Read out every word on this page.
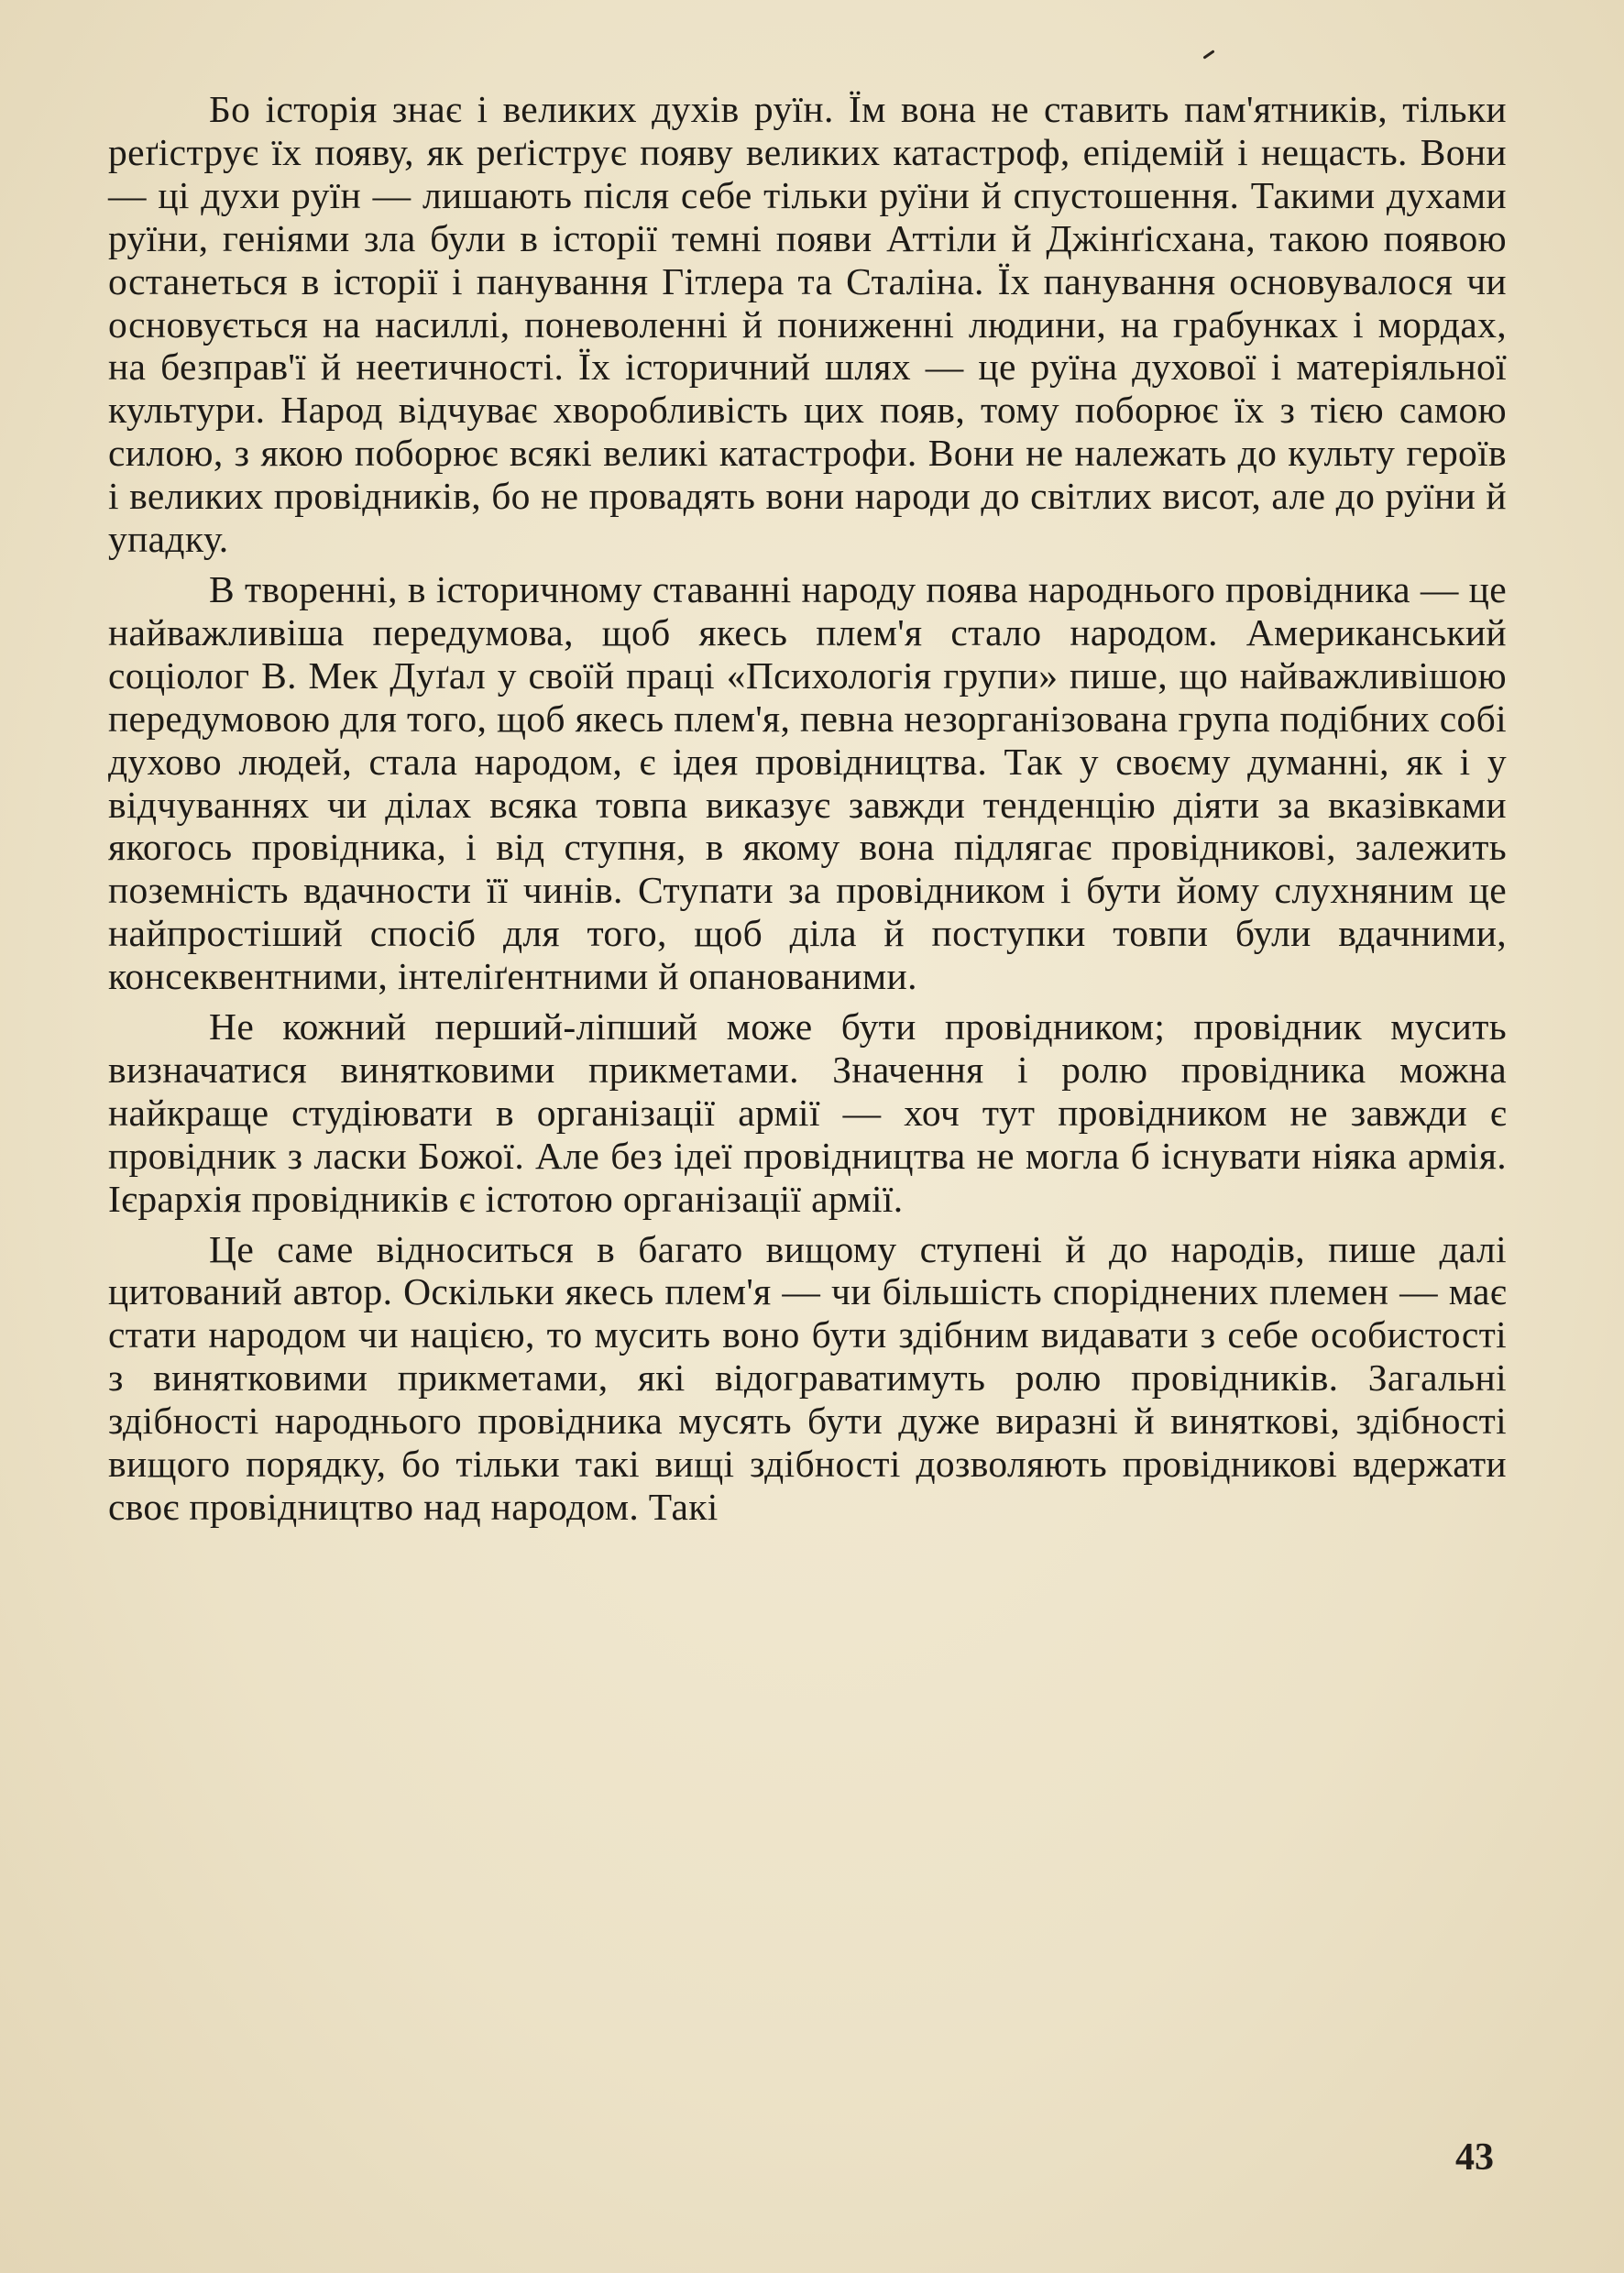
Бо історія знає і великих духів руїн. Їм вона не ставить пам'ятників, тільки реґіструє їх появу, як реґіструє появу великих катастроф, епідемій і нещасть. Вони — ці духи руїн — лишають після себе тільки руїни й спустошення. Такими духами руїни, геніями зла були в історії темні появи Аттіли й Джінґісхана, такою появою останеться в історії і панування Гітлера та Сталіна. Їх панування основувалося чи основується на насиллі, поневоленні й пониженні людини, на грабунках і мордах, на безправ'ї й неетичності. Їх історичний шлях — це руїна духової і матеріяльної культури. Народ відчуває хворобливість цих появ, тому поборює їх з тією самою силою, з якою поборює всякі великі катастрофи. Вони не належать до культу героїв і великих провідників, бо не провадять вони народи до світлих висот, але до руїни й упадку.

В творенні, в історичному ставанні народу поява народнього провідника — це найважливіша передумова, щоб якесь плем'я стало народом. Американський соціолог В. Мек Дуґал у своїй праці «Психологія групи» пише, що найважливішою передумовою для того, щоб якесь плем'я, певна незорганізована група подібних собі духово людей, стала народом, є ідея провідництва. Так у своєму думанні, як і у відчуваннях чи ділах всяка товпа виказує завжди тенденцію діяти за вказівками якогось провідника, і від ступня, в якому вона підлягає провідникові, залежить поземність вдачности її чинів. Ступати за провідником і бути йому слухняним це найпростіший спосіб для того, щоб діла й поступки товпи були вдачними, консеквентними, інтеліґентними й опанованими.

Не кожний перший-ліпший може бути провідником; провідник мусить визначатися винятковими прикметами. Значення і ролю провідника можна найкраще студіювати в організації армії — хоч тут провідником не завжди є провідник з ласки Божої. Але без ідеї провідництва не могла б існувати ніяка армія. Ієрархія провідників є істотою організації армії.

Це саме відноситься в багато вищому ступені й до народів, пише далі цитований автор. Оскільки якесь плем'я — чи більшість споріднених племен — має стати народом чи нацією, то мусить воно бути здібним видавати з себе особистості з винятковими прикметами, які відограватимуть ролю провідників. Загальні здібності народнього провідника мусять бути дуже виразні й виняткові, здібності вищого порядку, бо тільки такі вищі здібності дозволяють провідникові вдержати своє провідництво над народом. Такі

43
